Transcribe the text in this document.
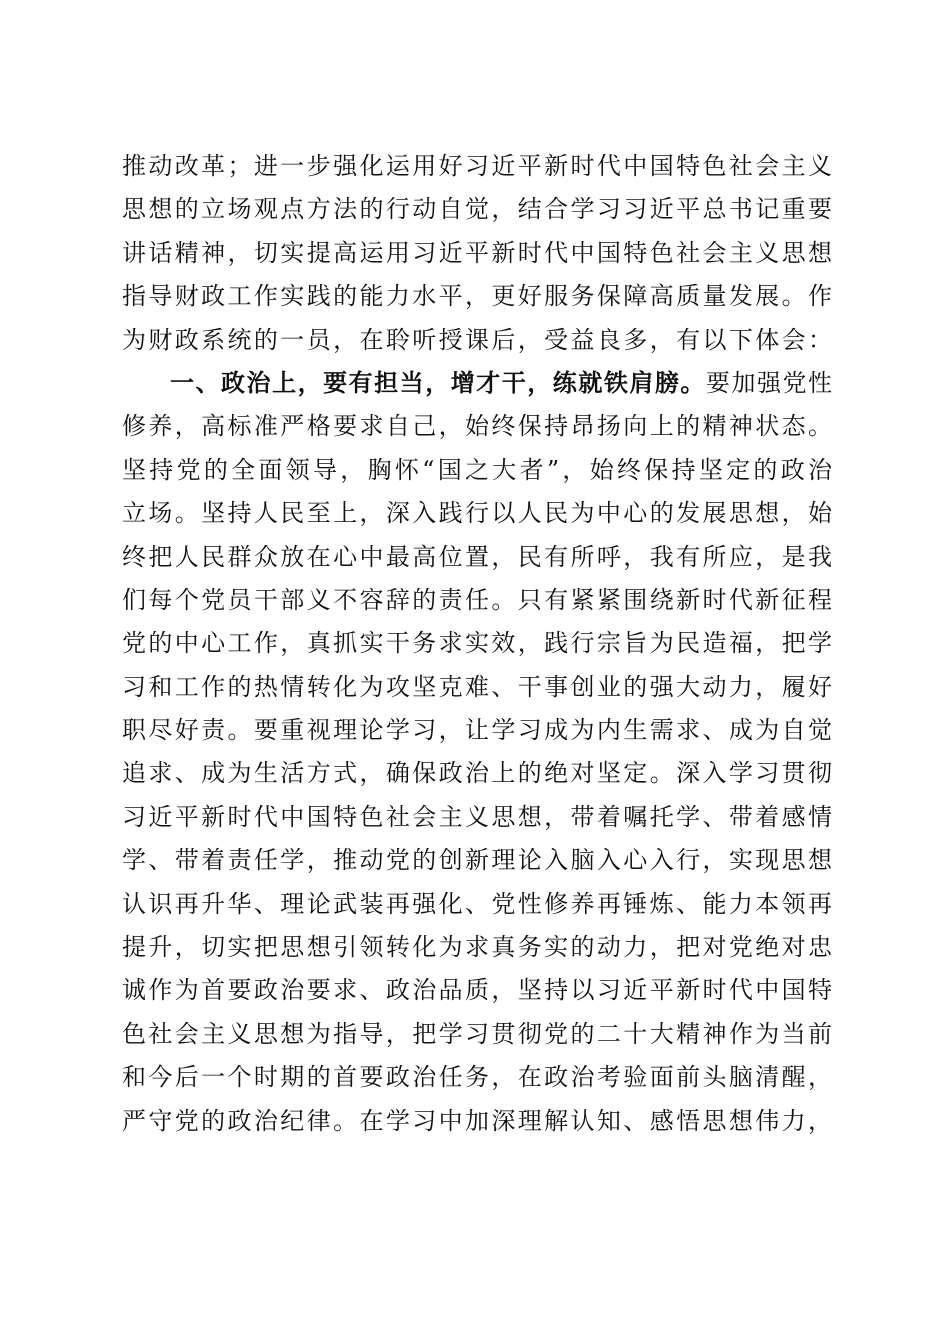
推动改革；进一步强化运用好习近平新时代中国特色社会主义
思想的立场观点方法的行动自觉，结合学习习近平总书记重要
讲话精神，切实提高运用习近平新时代中国特色社会主义思想
指导财政工作实践的能力水平，更好服务保障高质量发展。作
为财政系统的一员，在聆听授课后，受益良多，有以下体会：
一、政治上，要有担当，增才干，练就铁肩膀。要加强党性
修养，高标准严格要求自己，始终保持昂扬向上的精神状态。
坚持党的全面领导，胸怀“国之大者”，始终保持坚定的政治
立场。坚持人民至上，深入践行以人民为中心的发展思想，始
终把人民群众放在心中最高位置，民有所呼，我有所应，是我
们每个党员干部义不容辞的责任。只有紧紧围绕新时代新征程
党的中心工作，真抓实干务求实效，践行宗旨为民造福，把学
习和工作的热情转化为攻坚克难、干事创业的强大动力，履好
职尽好责。要重视理论学习，让学习成为内生需求、成为自觉
追求、成为生活方式，确保政治上的绝对坚定。深入学习贯彻
习近平新时代中国特色社会主义思想，带着嘱托学、带着感情
学、带着责任学，推动党的创新理论入脑入心入行，实现思想
认识再升华、理论武装再强化、党性修养再锤炼、能力本领再
提升，切实把思想引领转化为求真务实的动力，把对党绝对忠
诚作为首要政治要求、政治品质，坚持以习近平新时代中国特
色社会主义思想为指导，把学习贯彻党的二十大精神作为当前
和今后一个时期的首要政治任务，在政治考验面前头脑清醒，
严守党的政治纪律。在学习中加深理解认知、感悟思想伟力，
